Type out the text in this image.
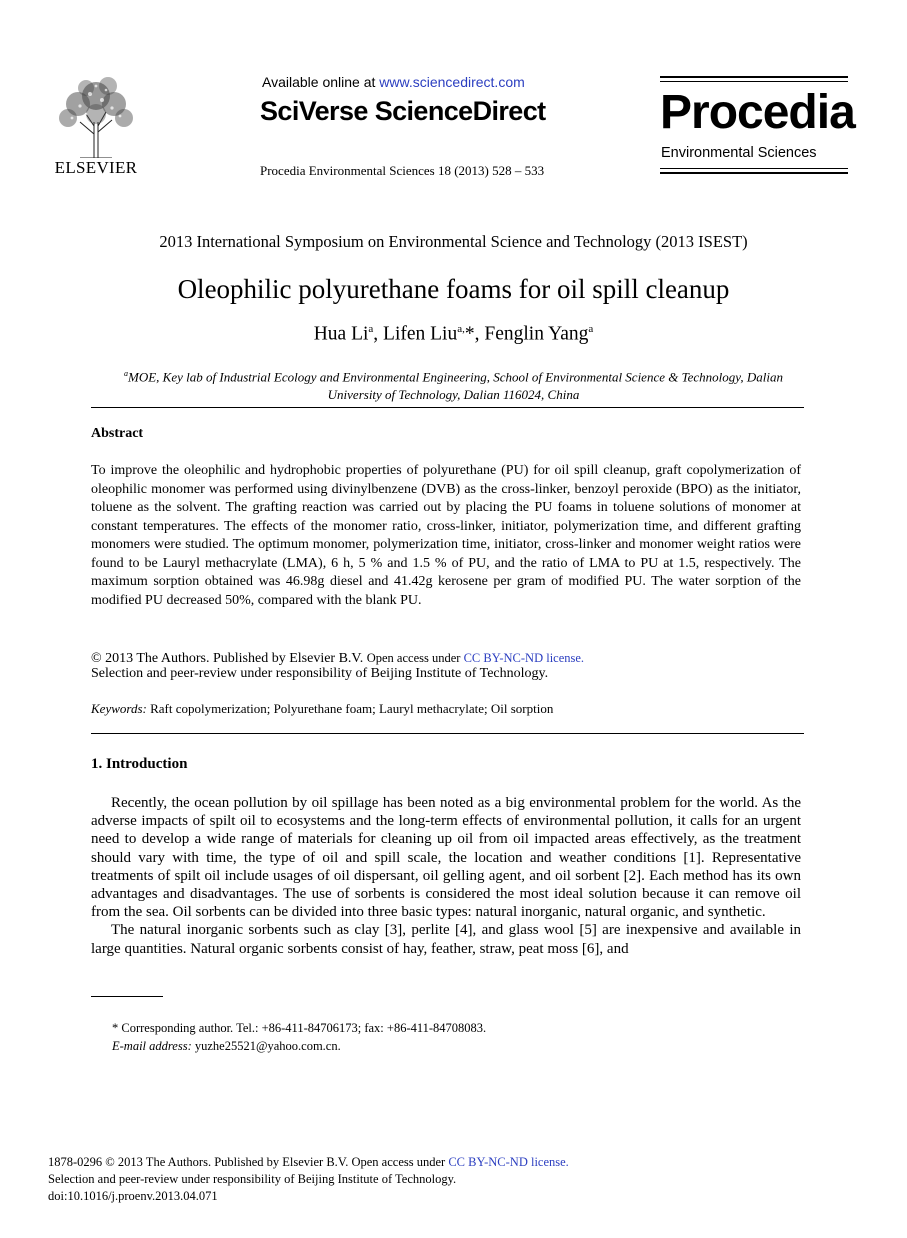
ELSEVIER
Available online at www.sciencedirect.com
SciVerse ScienceDirect
Procedia Environmental Sciences 18 (2013) 528 – 533
Procedia
Environmental Sciences
2013 International Symposium on Environmental Science and Technology (2013 ISEST)
Oleophilic polyurethane foams for oil spill cleanup
Hua Li$^a$, Lifen Liu$^{a,}$*, Fenglin Yang$^a$
$^a$MOE, Key lab of Industrial Ecology and Environmental Engineering, School of Environmental Science & Technology, Dalian University of Technology, Dalian 116024, China
Abstract
To improve the oleophilic and hydrophobic properties of polyurethane (PU) for oil spill cleanup, graft copolymerization of oleophilic monomer was performed using divinylbenzene (DVB) as the cross-linker, benzoyl peroxide (BPO) as the initiator, toluene as the solvent. The grafting reaction was carried out by placing the PU foams in toluene solutions of monomer at constant temperatures. The effects of the monomer ratio, cross-linker, initiator, polymerization time, and different grafting monomers were studied. The optimum monomer, polymerization time, initiator, cross-linker and monomer weight ratios were found to be Lauryl methacrylate (LMA), 6 h, 5 % and 1.5 % of PU, and the ratio of LMA to PU at 1.5, respectively. The maximum sorption obtained was 46.98g diesel and 41.42g kerosene per gram of modified PU. The water sorption of the modified PU decreased 50%, compared with the blank PU.
© 2013 The Authors. Published by Elsevier B.V. Open access under CC BY-NC-ND license.
Selection and peer-review under responsibility of Beijing Institute of Technology.
Keywords: Raft copolymerization; Polyurethane foam; Lauryl methacrylate; Oil sorption
1. Introduction

Recently, the ocean pollution by oil spillage has been noted as a big environmental problem for the world. As the adverse impacts of spilt oil to ecosystems and the long-term effects of environmental pollution, it calls for an urgent need to develop a wide range of materials for cleaning up oil from oil impacted areas effectively, as the treatment should vary with time, the type of oil and spill scale, the location and weather conditions [1]. Representative treatments of spilt oil include usages of oil dispersant, oil gelling agent, and oil sorbent [2]. Each method has its own advantages and disadvantages. The use of sorbents is considered the most ideal solution because it can remove oil from the sea. Oil sorbents can be divided into three basic types: natural inorganic, natural organic, and synthetic.

The natural inorganic sorbents such as clay [3], perlite [4], and glass wool [5] are inexpensive and available in large quantities. Natural organic sorbents consist of hay, feather, straw, peat moss [6], and

* Corresponding author. Tel.: +86-411-84706173; fax: +86-411-84708083.
E-mail address: yuzhe25521@yahoo.com.cn.
1878-0296 © 2013 The Authors. Published by Elsevier B.V. Open access under CC BY-NC-ND license.
Selection and peer-review under responsibility of Beijing Institute of Technology.
doi:10.1016/j.proenv.2013.04.071
